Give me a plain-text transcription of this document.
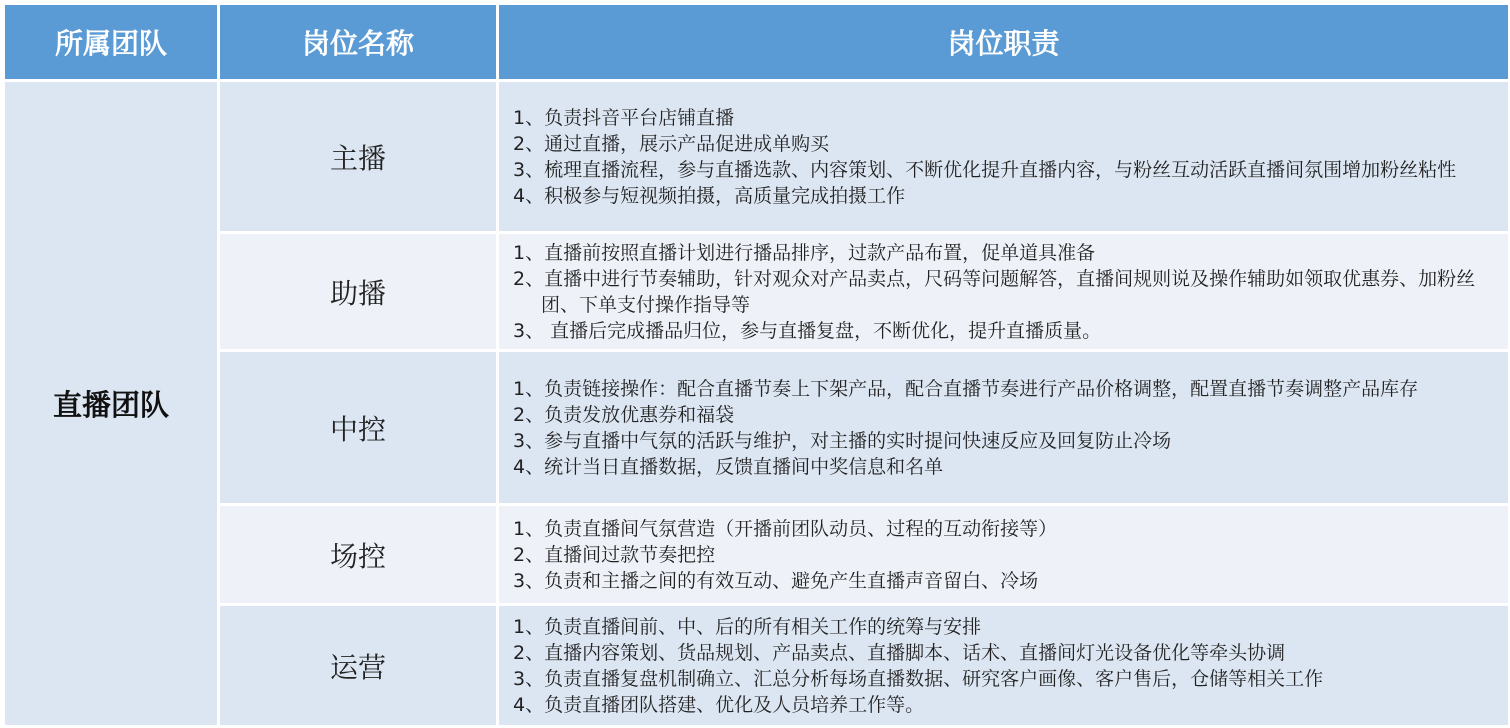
所属团队	岗位名称	岗位职责
直播团队	主播	1、负责抖音平台店铺直播
2、通过直播，展示产品促进成单购买
3、梳理直播流程，参与直播选款、内容策划、不断优化提升直播内容，与粉丝互动活跃直播间氛围增加粉丝粘性
4、积极参与短视频拍摄，高质量完成拍摄工作

	助播	1、直播前按照直播计划进行播品排序，过款产品布置，促单道具准备
2、直播中进行节奏辅助，针对观众对产品卖点，尺码等问题解答，直播间规则说及操作辅助如领取优惠券、加粉丝团、下单支付操作指导等
3、 直播后完成播品归位，参与直播复盘，不断优化，提升直播质量。

	中控	1、负责链接操作：配合直播节奏上下架产品，配合直播节奏进行产品价格调整，配置直播节奏调整产品库存
2、负责发放优惠券和福袋
3、参与直播中气氛的活跃与维护，对主播的实时提问快速反应及回复防止冷场
4、统计当日直播数据，反馈直播间中奖信息和名单

	场控	1、负责直播间气氛营造（开播前团队动员、过程的互动衔接等）
2、直播间过款节奏把控
3、负责和主播之间的有效互动、避免产生直播声音留白、冷场

	运营	1、负责直播间前、中、后的所有相关工作的统筹与安排
2、直播内容策划、货品规划、产品卖点、直播脚本、话术、直播间灯光设备优化等牵头协调
3、负责直播复盘机制确立、汇总分析每场直播数据、研究客户画像、客户售后，仓储等相关工作
4、负责直播团队搭建、优化及人员培养工作等。
